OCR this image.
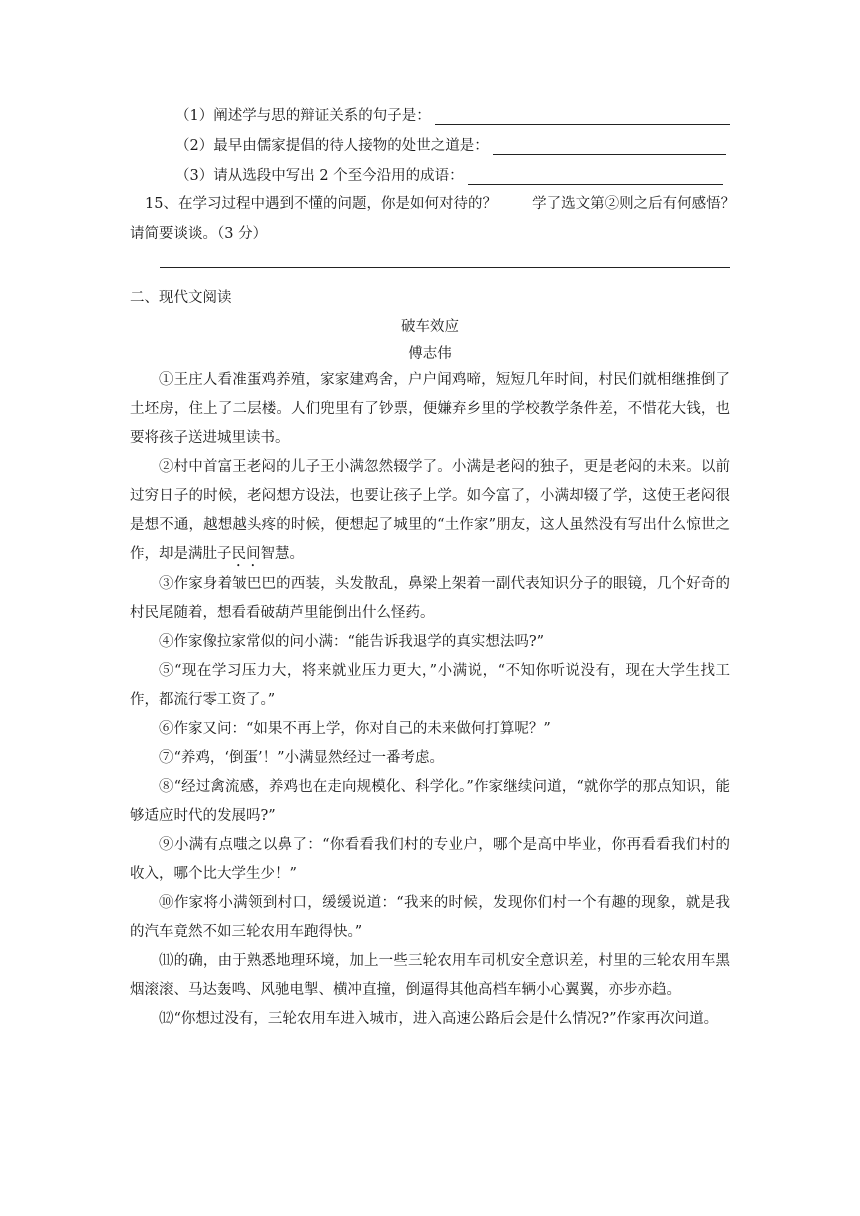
（1）阐述学与思的辩证关系的句子是：
（2）最早由儒家提倡的待人接物的处世之道是：
（3）请从选段中写出 2 个至今沿用的成语：
15、在学习过程中遇到不懂的问题，你是如何对待的？ 学了选文第②则之后有何感悟？
请简要谈谈。（3 分）
二、现代文阅读
破车效应
傅志伟

①王庄人看准蛋鸡养殖，家家建鸡舍，户户闻鸡啼，短短几年时间，村民们就相继推倒了土坯房，住上了二层楼。人们兜里有了钞票，便嫌弃乡里的学校教学条件差，不惜花大钱，也要将孩子送进城里读书。

②村中首富王老闷的儿子王小满忽然辍学了。小满是老闷的独子，更是老闷的未来。以前过穷日子的时候，老闷想方设法，也要让孩子上学。如今富了，小满却辍了学，这使王老闷很是想不通，越想越头疼的时候，便想起了城里的“土作家”朋友，这人虽然没有写出什么惊世之作，却是满肚子民间智慧。

③作家身着皱巴巴的西装，头发散乱，鼻梁上架着一副代表知识分子的眼镜，几个好奇的村民尾随着，想看看破葫芦里能倒出什么怪药。

④作家像拉家常似的问小满：“能告诉我退学的真实想法吗?”

⑤“现在学习压力大，将来就业压力更大，”小满说，“不知你听说没有，现在大学生找工作，都流行零工资了。”

⑥作家又问：“如果不再上学，你对自己的未来做何打算呢？”

⑦“养鸡，‘倒蛋’！”小满显然经过一番考虑。

⑧“经过禽流感，养鸡也在走向规模化、科学化。”作家继续问道，“就你学的那点知识，能够适应时代的发展吗?”

⑨小满有点嗤之以鼻了：“你看看我们村的专业户，哪个是高中毕业，你再看看我们村的收入，哪个比大学生少！”

⑩作家将小满领到村口，缓缓说道：“我来的时候，发现你们村一个有趣的现象，就是我的汽车竟然不如三轮农用车跑得快。”

⑾的确，由于熟悉地理环境，加上一些三轮农用车司机安全意识差，村里的三轮农用车黑烟滚滚、马达轰鸣、风驰电掣、横冲直撞，倒逼得其他高档车辆小心翼翼，亦步亦趋。

⑿“你想过没有，三轮农用车进入城市，进入高速公路后会是什么情况?”作家再次问道。
